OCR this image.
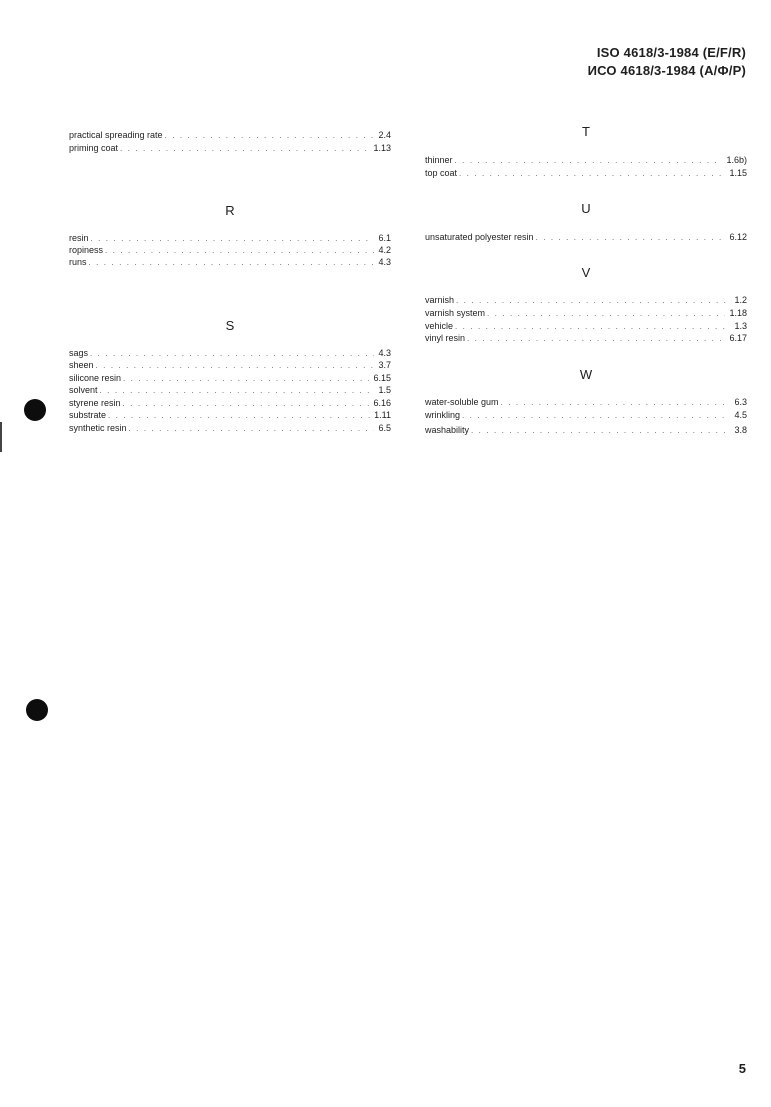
ISO 4618/3-1984 (E/F/R)
ИСО 4618/3-1984 (А/Ф/Р)
practical spreading rate . . .	2.4
priming coat . . .	1.13
R
resin . . .	6.1
ropiness . . .	4.2
runs . . .	4.3
S
sags . . .	4.3
sheen . . .	3.7
silicone resin . . .	6.15
solvent . . .	1.5
styrene resin . . .	6.16
substrate . . .	1.11
synthetic resin . . .	6.5
T
thinner . . .	1.6b)
top coat . . .	1.15
U
unsaturated polyester resin . . .	6.12
V
varnish . . .	1.2
varnish system . . .	1.18
vehicle . . .	1.3
vinyl resin . . .	6.17
W
water-soluble gum . . .	6.3
wrinkling . . .	4.5
washability . . .	3.8
5
